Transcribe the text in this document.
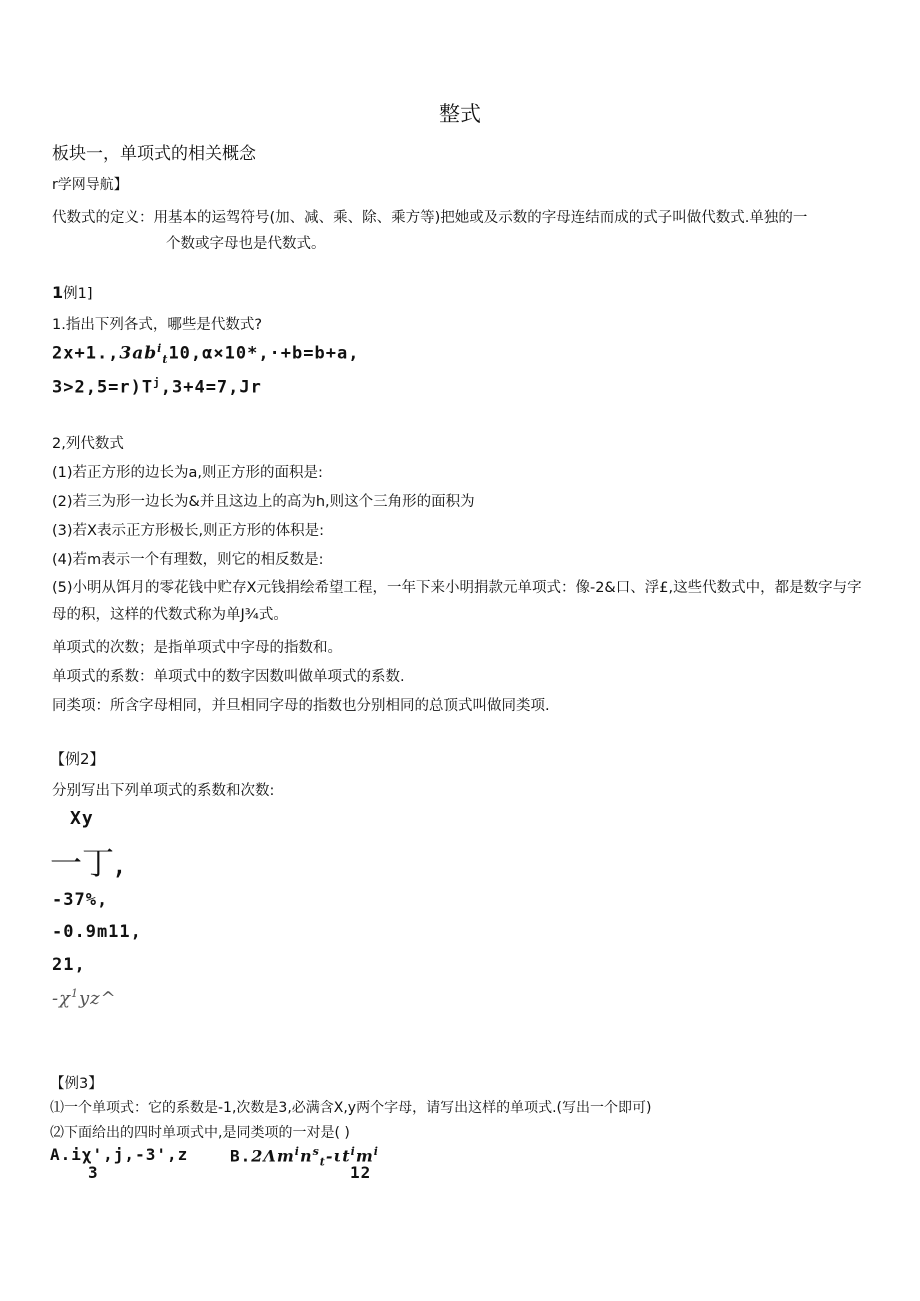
整式
板块一，单项式的相关概念
r学网导航】
代数式的定义：用基本的运驾符号(加、减、乘、除、乘方等)把她或及示数的字母连结而成的式子叫做代数式.单独的一
个数或字母也是代数式。
1例1]
1.指出下列各式，哪些是代数式?
$2x+1.,3ab^i_t10,\alpha\times 10*,\cdot+b=b+a$,
$3>2,5=r)T^j,3+4=7,Jr$
2,列代数式
(1)若正方形的边长为a,则正方形的面积是:
(2)若三为形一边长为&并且这边上的高为h,则这个三角形的面积为
(3)若X表示正方形极长,则正方形的体积是:
(4)若m表示一个有理数，则它的相反数是:
(5)小明从饵月的零花钱中贮存X元钱捐绘希望工程，一年下来小明捐款元单项式：像-2&口、浮£,这些代数式中，都是数字与字母的积，这样的代数式称为单J¾式。
单项式的次数；是指单项式中字母的指数和。
单项式的系数：单项式中的数字因数叫做单项式的系数.
同类项：所含字母相同，并旦相同字母的指数也分别相同的总顶式叫做同类项.
【例2】
分别写出下列单项式的系数和次数:
Xy
一丁,
-37%,
-0.9m11,
21,
$-\chi^1yz\^{}$
【例3】
⑴一个单项式：它的系数是-1,次数是3,必满含X,y两个字母，请写出这样的单项式.(写出一个即可)
⑵下面给出的四时单项式中,是同类项的一对是( )
A.iχ',j,-3',z
3
$B.2\Lambda m^in^s_t-\iota t^im^i$
12
